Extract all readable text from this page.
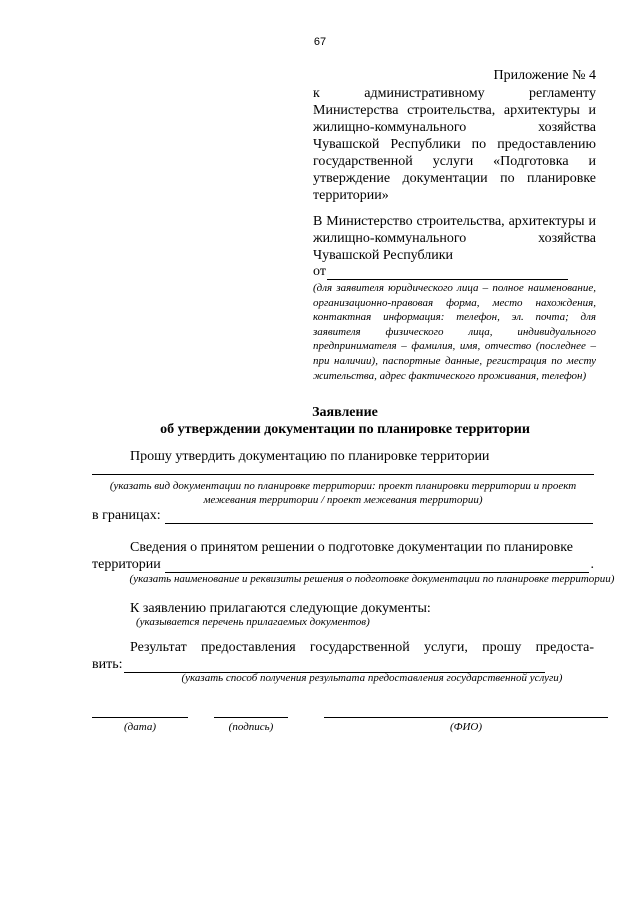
67
Приложение № 4
к административному регламенту Министерства строительства, архитектуры и жилищно-коммунального хозяйства Чувашской Республики по предоставлению государственной услуги «Подготовка и утверждение документации по планировке территории»
В Министерство строительства, архитектуры и жилищно-коммунального хозяйства Чувашской Республики
от
(для заявителя юридического лица – полное наименование, организационно-правовая форма, место нахождения, контактная информация: телефон, эл. почта; для заявителя физического лица, индивидуального предпринимателя – фамилия, имя, отчество (последнее – при наличии), паспортные данные, регистрация по месту жительства, адрес фактического проживания, телефон)
Заявление
об утверждении документации по планировке территории
Прошу утвердить документацию по планировке территории
(указать вид документации по планировке территории: проект планировки территории и проект межевания территории / проект межевания территории)
в границах:
Сведения о принятом решении о подготовке документации по планировке
территории	.
(указать наименование и реквизиты решения о подготовке документации по планировке территории)
К заявлению прилагаются следующие документы:
(указывается перечень прилагаемых документов)
Результат предоставления государственной услуги, прошу предоста-
вить:
(указать способ получения результата предоставления государственной услуги)
(дата)	(подпись)	(ФИО)
